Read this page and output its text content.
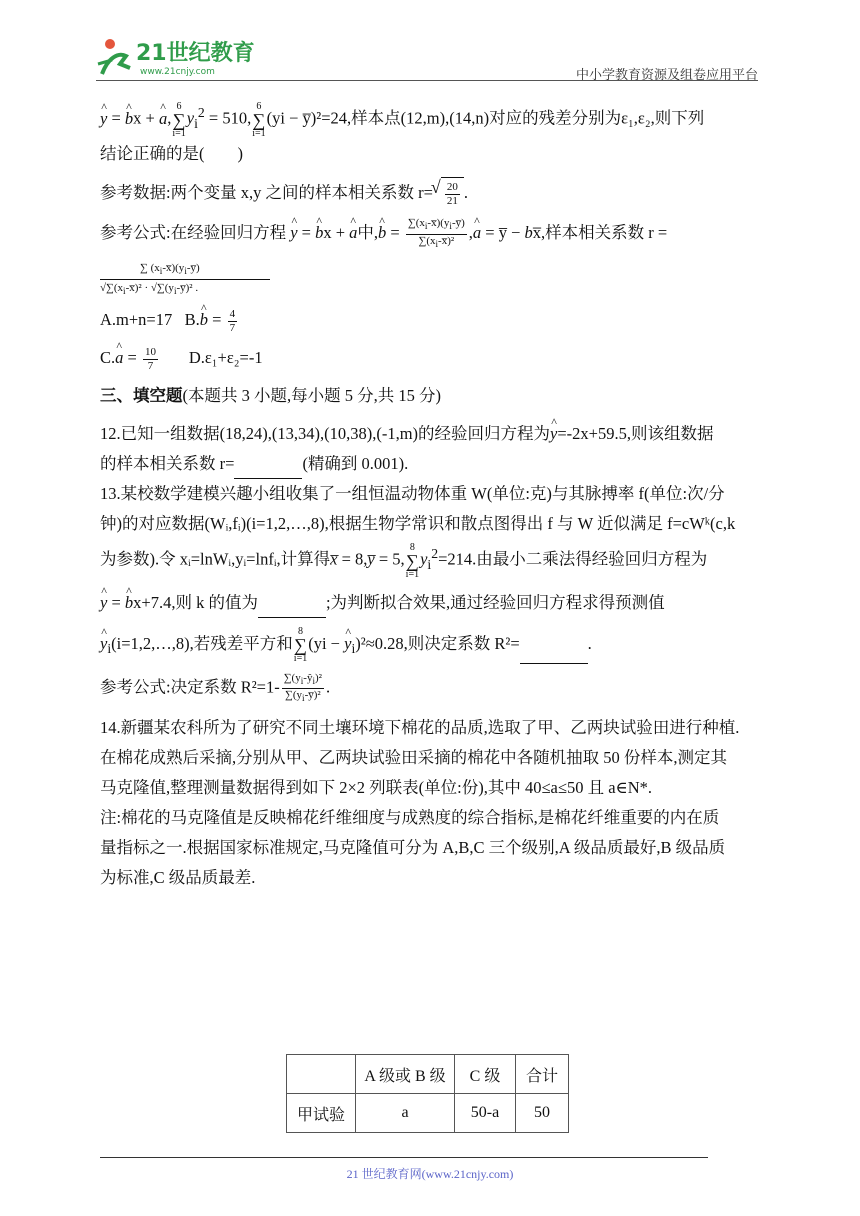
21世纪教育
www.21cnjy.com	中小学教育资源及组卷应用平台

^ y = ^ bx + ^ a,
6
∑
i=1
$y_i^2 = 510$,
6
∑
i=1
(yi − y̅)²=24,样本点(12,m),(14,n)对应的残差分别为ε₁,ε₂,则下列

结论正确的是(　　)

参考数据:两个变量 x,y 之间的样本相关系数 r= √ $\frac{20}{21}$ .

参考公式:在经验回归方程 ^ y = ^ bx + ^ a中,^ $b = \frac{\sum(x_i-x̅)(y_i-y̅)}{\sum(x_i-x̅)^2}$ ,^ a = y̅ − bx̅,样本相关系数 r =

$\frac{\sum (x_i-x̅)(y_i-y̅)}{√\sum(x_i-x̅)^2 \cdot √\sum(y_i-y̅)^2 .}$

A.m+n=17 B.^ $b = \frac{4}{7}$

C.^ $a = \frac{10}{7} D.\varepsilon_1+\varepsilon_2=-1$

三、填空题(本题共 3 小题,每小题 5 分,共 15 分)

12.已知一组数据(18,24),(13,34),(10,38),(-1,m)的经验回归方程为^ y=-2x+59.5,则该组数据

的样本相关系数 r=	(精确到 0.001).

13.某校数学建模兴趣小组收集了一组恒温动物体重 W(单位:克)与其脉搏率 f(单位:次/分

钟)的对应数据(Wᵢ,fᵢ)(i=1,2,…,8),根据生物学常识和散点图得出 f 与 W 近似满足 f=cWᵏ(c,k

为参数).令 xᵢ=lnWᵢ,yᵢ=lnfᵢ,计算得x̅ = 8,y̅ = 5,
8
∑
i=1
$y_i^2=214$.由最小二乘法得经验回归方程为

^ y = ^ bx+7.4,则 k 的值为	;为判断拟合效果,通过经验回归方程求得预测值

^ $y_i(i=1,2,\dots,8)$,若残差平方和
8
∑
i=1
(yi − ^ $y_i)^2\approx 0.28$,则决定系数 R²=	.

参考公式:决定系数 $R^2=1- \frac{\sum(y_i-ŷ_i)^2}{\sum(y_i-y̅)^2}$ .

14.新疆某农科所为了研究不同土壤环境下棉花的品质,选取了甲、乙两块试验田进行种植.

在棉花成熟后采摘,分别从甲、乙两块试验田采摘的棉花中各随机抽取 50 份样本,测定其

马克隆值,整理测量数据得到如下 2×2 列联表(单位:份),其中 40≤a≤50 且 a∈N*.

注:棉花的马克隆值是反映棉花纤维细度与成熟度的综合指标,是棉花纤维重要的内在质

量指标之一.根据国家标准规定,马克隆值可分为 A,B,C 三个级别,A 级品质最好,B 级品质

为标准,C 级品质最差.

	A 级或 B 级	C 级	合计
甲试验	a	50-a	50
21 世纪教育网(www.21cnjy.com)
